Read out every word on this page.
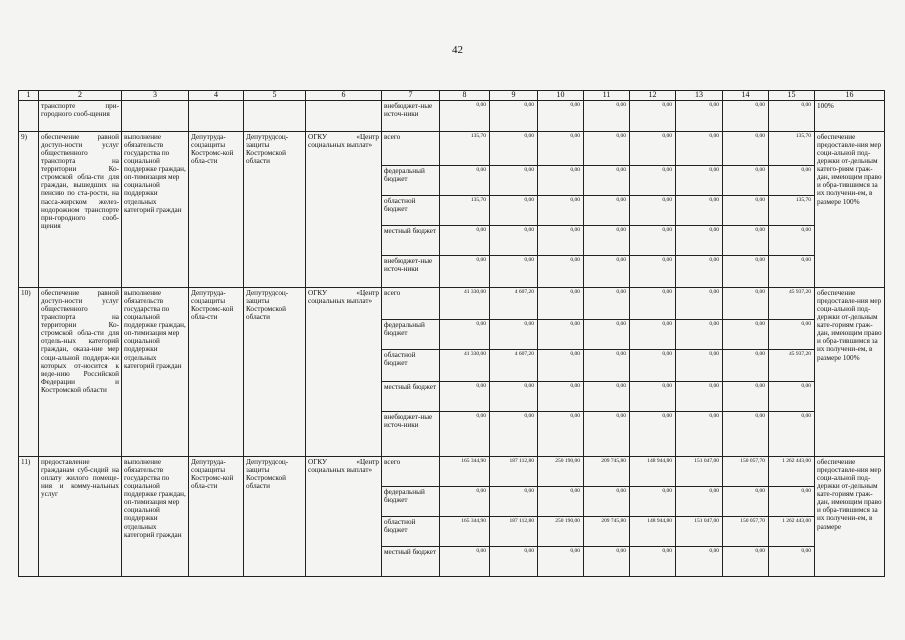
42
1	2	3	4	5	6	7	8	9	10	11	12	13	14	15	16
	транспорте при-городного сооб-щения					внебюджет-ные источ-ники	0,00	0,00	0,00	0,00	0,00	0,00	0,00	0,00	100%
9)	обеспечение равной доступ-ности услуг общественного транспорта на территории Ко-стромской обла-сти для граждан, вышедших на пенсию по ста-рости, на пасса-жирском желез-нодорожном транспорте при-городного сооб-щения	выполнение обязательств государства по социальной поддержке граждан, оп-тимизация мер социальной поддержки отдельных категорий граждан	Депутруда-соцзащиты Костромс-кой обла-сти	Депутрудсоц-защиты Костромской области	ОГКУ «Центр социальных выплат»	всего	135,70	0,00	0,00	0,00	0,00	0,00	0,00	135,70	обеспечение предоставле-ния мер соци-альной под-держки от-дельным катего-риям граж-дан, имеющим право и обра-тившимся за их получени-ем, в размере 100%
						федеральный бюджет	0,00	0,00	0,00	0,00	0,00	0,00	0,00	0,00	
						областной бюджет	135,70	0,00	0,00	0,00	0,00	0,00	0,00	135,70	
						местный бюджет	0,00	0,00	0,00	0,00	0,00	0,00	0,00	0,00	
						внебюджет-ные источ-ники	0,00	0,00	0,00	0,00	0,00	0,00	0,00	0,00	
10)	обеспечение равной доступ-ности услуг общественного транспорта на территории Ко-стромской обла-сти для отдель-ных категорий граждан, оказа-ние мер соци-альной поддерж-ки которых от-носится к веде-нию Российской Федерации и Костромской области	выполнение обязательств государства по социальной поддержке граждан, оп-тимизация мер социальной поддержки отдельных категорий граждан	Депутруда-соцзащиты Костромс-кой обла-сти	Депутрудсоц-защиты Костромской области	ОГКУ «Центр социальных выплат»	всего	41 330,00	4 607,20	0,00	0,00	0,00	0,00	0,00	45 937,20	обеспечение предоставле-ния мер соци-альной под-держки от-дельным кате-гориям граж-дан, имеющим право и обра-тившимся за их получени-ем, в размере 100%
						федеральный бюджет	0,00	0,00	0,00	0,00	0,00	0,00	0,00	0,00	
						областной бюджет	41 330,00	4 607,20	0,00	0,00	0,00	0,00	0,00	45 937,20	
						местный бюджет	0,00	0,00	0,00	0,00	0,00	0,00	0,00	0,00	
						внебюджет-ные источ-ники	0,00	0,00	0,00	0,00	0,00	0,00	0,00	0,00	
11)	предоставление гражданам суб-сидий на оплату жилого помеще-ния и комму-нальных услуг	выполнение обязательств государства по социальной поддержке граждан, оп-тимизация мер социальной поддержки отдельных категорий граждан	Депутруда-соцзащиты Костромс-кой обла-сти	Депутрудсоц-защиты Костромской области	ОГКУ «Центр социальных выплат»	всего	165 344,90	187 112,80	250 190,00	209 745,80	148 944,80	151 047,00	150 057,70	1 262 443,00	обеспечение предоставле-ния мер соци-альной под-держки от-дельным кате-гориям граж-дан, имеющим право и обра-тившимся за их получени-ем, в размере
						федеральный бюджет	0,00	0,00	0,00	0,00	0,00	0,00	0,00	0,00	
						областной бюджет	165 344,90	187 112,80	250 190,00	209 745,80	148 944,80	151 047,00	150 057,70	1 262 443,00	
						местный бюджет	0,00	0,00	0,00	0,00	0,00	0,00	0,00	0,00	
